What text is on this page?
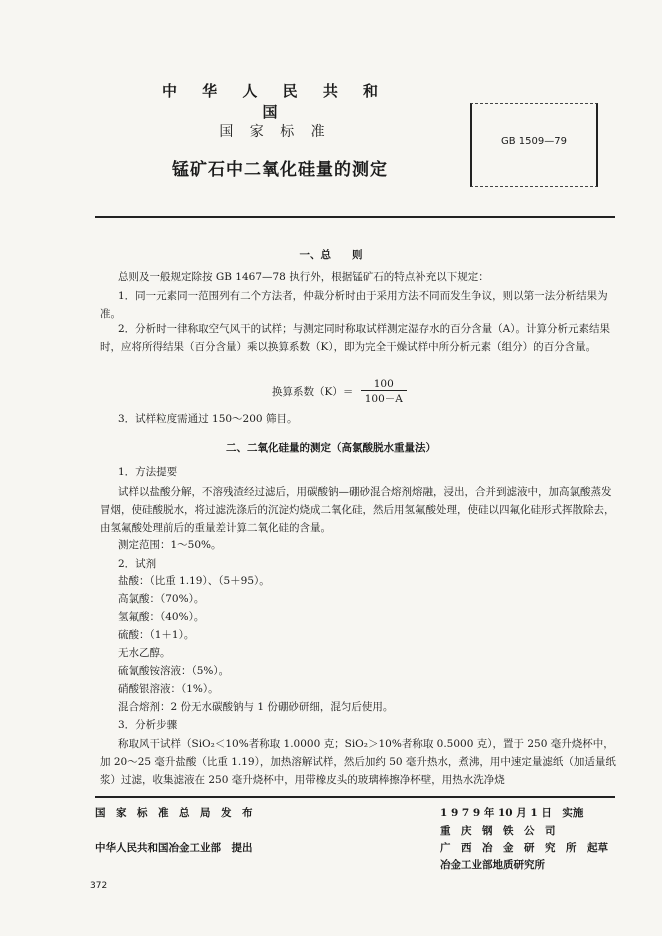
中 华 人 民 共 和 国
国 家 标 准
锰矿石中二氧化硅量的测定
GB 1509—79
一、总　　则
总则及一般规定除按 GB 1467—78 执行外，根据锰矿石的特点补充以下规定：
1．同一元素同一范围列有二个方法者，仲裁分析时由于采用方法不同而发生争议，则以第一法分析结果为准。
2．分析时一律称取空气风干的试样；与测定同时称取试样测定湿存水的百分含量（A）。计算分析元素结果时，应将所得结果（百分含量）乘以换算系数（K），即为完全干燥试样中所分析元素（组分）的百分含量。
换算系数$(K)= \frac{100}{100-A}$
3．试样粒度需通过 150～200 筛目。
二、二氧化硅量的测定（高氯酸脱水重量法）
1．方法提要
试样以盐酸分解，不溶残渣经过滤后，用碳酸钠—硼砂混合熔剂熔融，浸出，合并到滤液中，加高氯酸蒸发冒烟，使硅酸脱水，将过滤洗涤后的沉淀灼烧成二氧化硅，然后用氢氟酸处理，使硅以四氟化硅形式挥散除去，由氢氟酸处理前后的重量差计算二氧化硅的含量。
测定范围：1～50%。
2．试剂
盐酸：（比重 1.19）、（5＋95）。
高氯酸：（70%）。
氢氟酸：（40%）。
硫酸：（1＋1）。
无水乙醇。
硫氰酸铵溶液：（5%）。
硝酸银溶液：（1%）。
混合熔剂：2 份无水碳酸钠与 1 份硼砂研细，混匀后使用。
3．分析步骤
称取风干试样（SiO₂＜10%者称取 1.0000 克；SiO₂＞10%者称取 0.5000 克），置于 250 毫升烧杯中，加 20～25 毫升盐酸（比重 1.19），加热溶解试样，然后加约 50 毫升热水，煮沸，用中速定量滤纸（加适量纸浆）过滤，收集滤液在 250 毫升烧杯中，用带橡皮头的玻璃棒擦净杯壁，用热水洗净烧
国　家　标　准　总　局　发　布	1 9 7 9 年 10 月 1 日　实施
中华人民共和国冶金工业部　提出
重　庆　钢　铁　公　司
广　西　冶　金　研　究　所　起草
冶金工业部地质研究所
372
